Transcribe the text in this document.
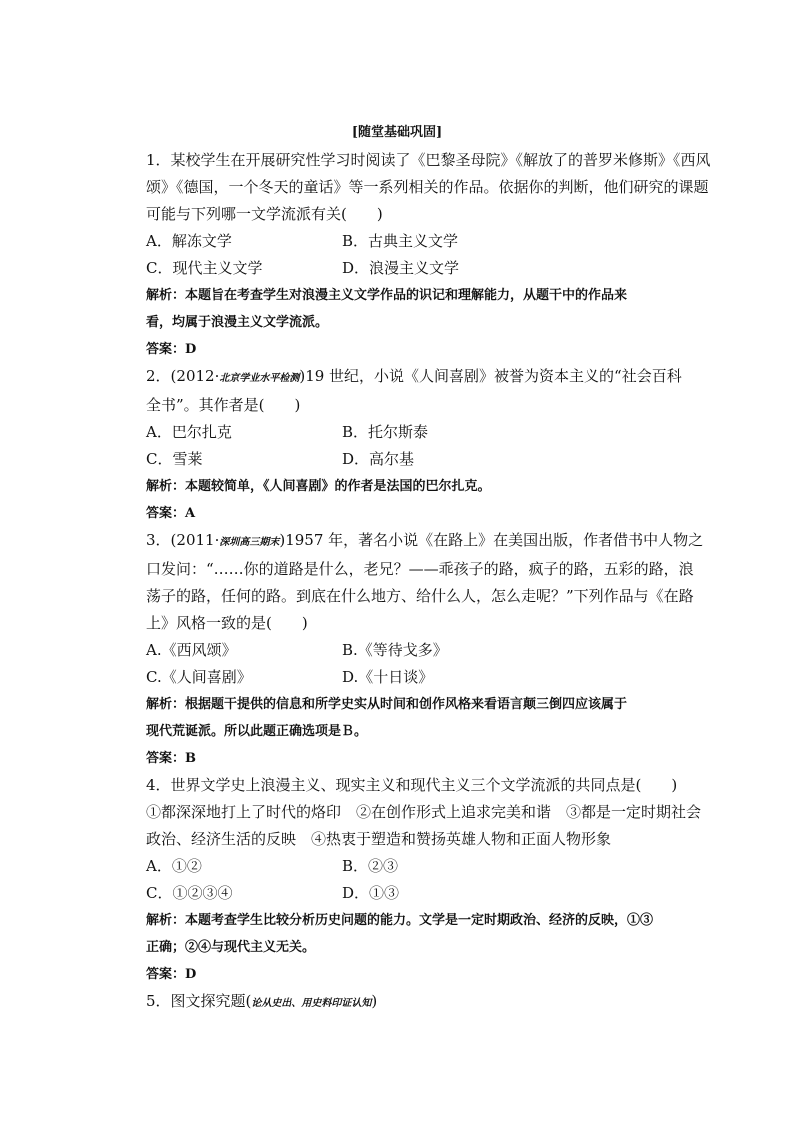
[随堂基础巩固]
1．某校学生在开展研究性学习时阅读了《巴黎圣母院》《解放了的普罗米修斯》《西风
颂》《德国，一个冬天的童话》等一系列相关的作品。依据你的判断，他们研究的课题
可能与下列哪一文学流派有关(　　)
A．解冻文学	B．古典主义文学
C．现代主义文学	D．浪漫主义文学
解析：本题旨在考查学生对浪漫主义文学作品的识记和理解能力，从题干中的作品来
看，均属于浪漫主义文学流派。
答案：D
2．(2012·北京学业水平检测)19 世纪，小说《人间喜剧》被誉为资本主义的“社会百科
全书”。其作者是(　　)
A．巴尔扎克	B．托尔斯泰
C．雪莱	D．高尔基
解析：本题较简单，《人间喜剧》的作者是法国的巴尔扎克。
答案：A
3．(2011·深圳高三期末)1957 年，著名小说《在路上》在美国出版，作者借书中人物之
口发问：“……你的道路是什么，老兄？——乖孩子的路，疯子的路，五彩的路，浪
荡子的路，任何的路。到底在什么地方、给什么人，怎么走呢？”下列作品与《在路
上》风格一致的是(　　)
A.《西风颂》	B.《等待戈多》
C.《人间喜剧》	D.《十日谈》
解析：根据题干提供的信息和所学史实从时间和创作风格来看语言颠三倒四应该属于
现代荒诞派。所以此题正确选项是Ｂ。
答案：B
4．世界文学史上浪漫主义、现实主义和现代主义三个文学流派的共同点是(　　)
①都深深地打上了时代的烙印　②在创作形式上追求完美和谐　③都是一定时期社会
政治、经济生活的反映　④热衷于塑造和赞扬英雄人物和正面人物形象
A．①②	B．②③
C．①②③④	D．①③
解析：本题考查学生比较分析历史问题的能力。文学是一定时期政治、经济的反映，①③
正确；②④与现代主义无关。
答案：D
5．图文探究题(论从史出、用史料印证认知)
